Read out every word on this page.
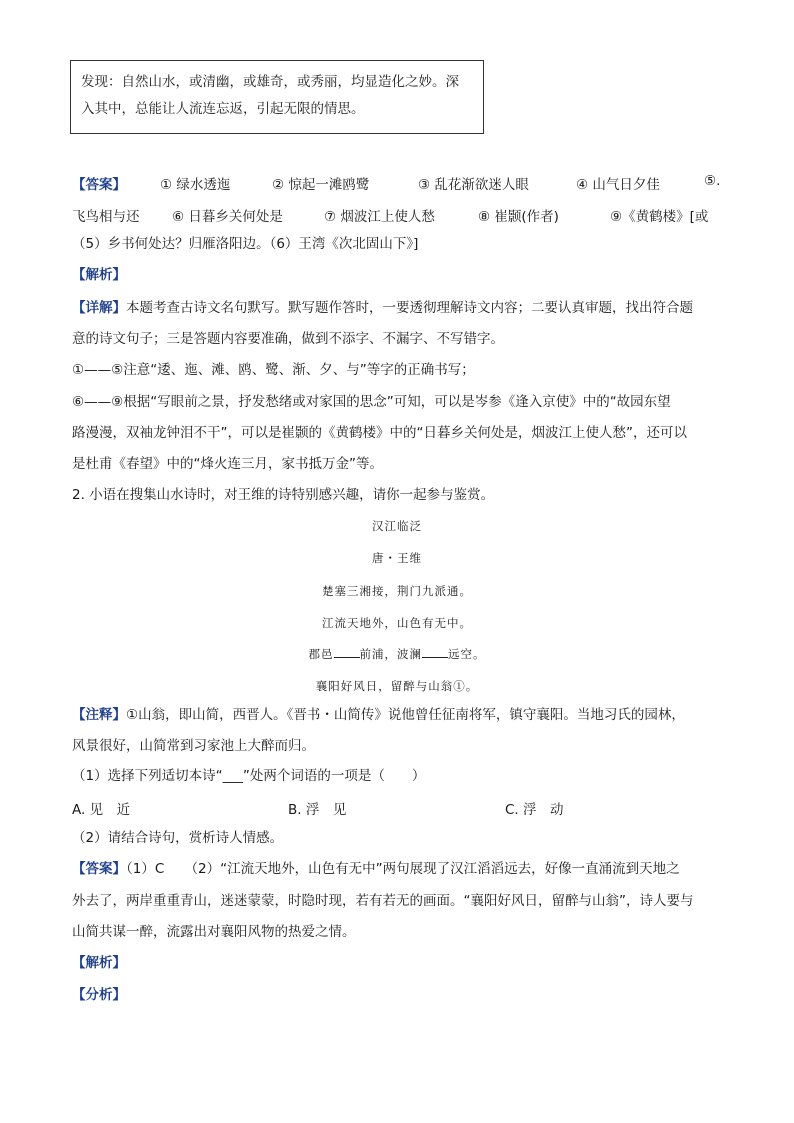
发现：自然山水，或清幽，或雄奇，或秀丽，均显造化之妙。深
入其中，总能让人流连忘返，引起无限的情思。
【答案】	① 绿水透迤	② 惊起一滩鸥鹭	③ 乱花渐欲迷人眼	④ 山气日夕佳	⑤.
飞鸟相与还 ⑥ 日暮乡关何处是	⑦ 烟波江上使人愁	⑧ 崔颢(作者)	⑨《黄鹤楼》[或
（5）乡书何处达？归雁洛阳边。（6）王湾《次北固山下》]
【解析】
【详解】本题考查古诗文名句默写。默写题作答时，一要透彻理解诗文内容；二要认真审题，找出符合题
意的诗文句子；三是答题内容要准确，做到不添字、不漏字、不写错字。
①——⑤注意“逶、迤、滩、鸥、鹭、渐、夕、与”等字的正确书写；
⑥——⑨根据“写眼前之景，抒发愁绪或对家国的思念”可知，可以是岑参《逢入京使》中的“故园东望
路漫漫，双袖龙钟泪不干”，可以是崔颢的《黄鹤楼》中的“日暮乡关何处是，烟波江上使人愁”，还可以
是杜甫《春望》中的“烽火连三月，家书抵万金”等。
2. 小语在搜集山水诗时，对王维的诗特别感兴趣，请你一起参与鉴赏。
汉江临泛
唐・王维
楚塞三湘接，荆门九派通。
江流天地外，山色有无中。
郡邑 前浦，波澜 远空。
襄阳好风日，留醉与山翁①。
【注释】①山翁，即山简，西晋人。《晋书・山简传》说他曾任征南将军，镇守襄阳。当地习氏的园林，
风景很好，山简常到习家池上大醉而归。
（1）选择下列适切本诗“___”处两个词语的一项是（　　）
A. 见　近	B. 浮　见	C. 浮　动
（2）请结合诗句，赏析诗人情感。
【答案】（1）C　　（2）“江流天地外，山色有无中”两句展现了汉江滔滔远去，好像一直涌流到天地之
外去了，两岸重重青山，迷迷蒙蒙，时隐时现，若有若无的画面。“襄阳好风日，留醉与山翁”，诗人要与
山简共谋一醉，流露出对襄阳风物的热爱之情。
【解析】
【分析】
